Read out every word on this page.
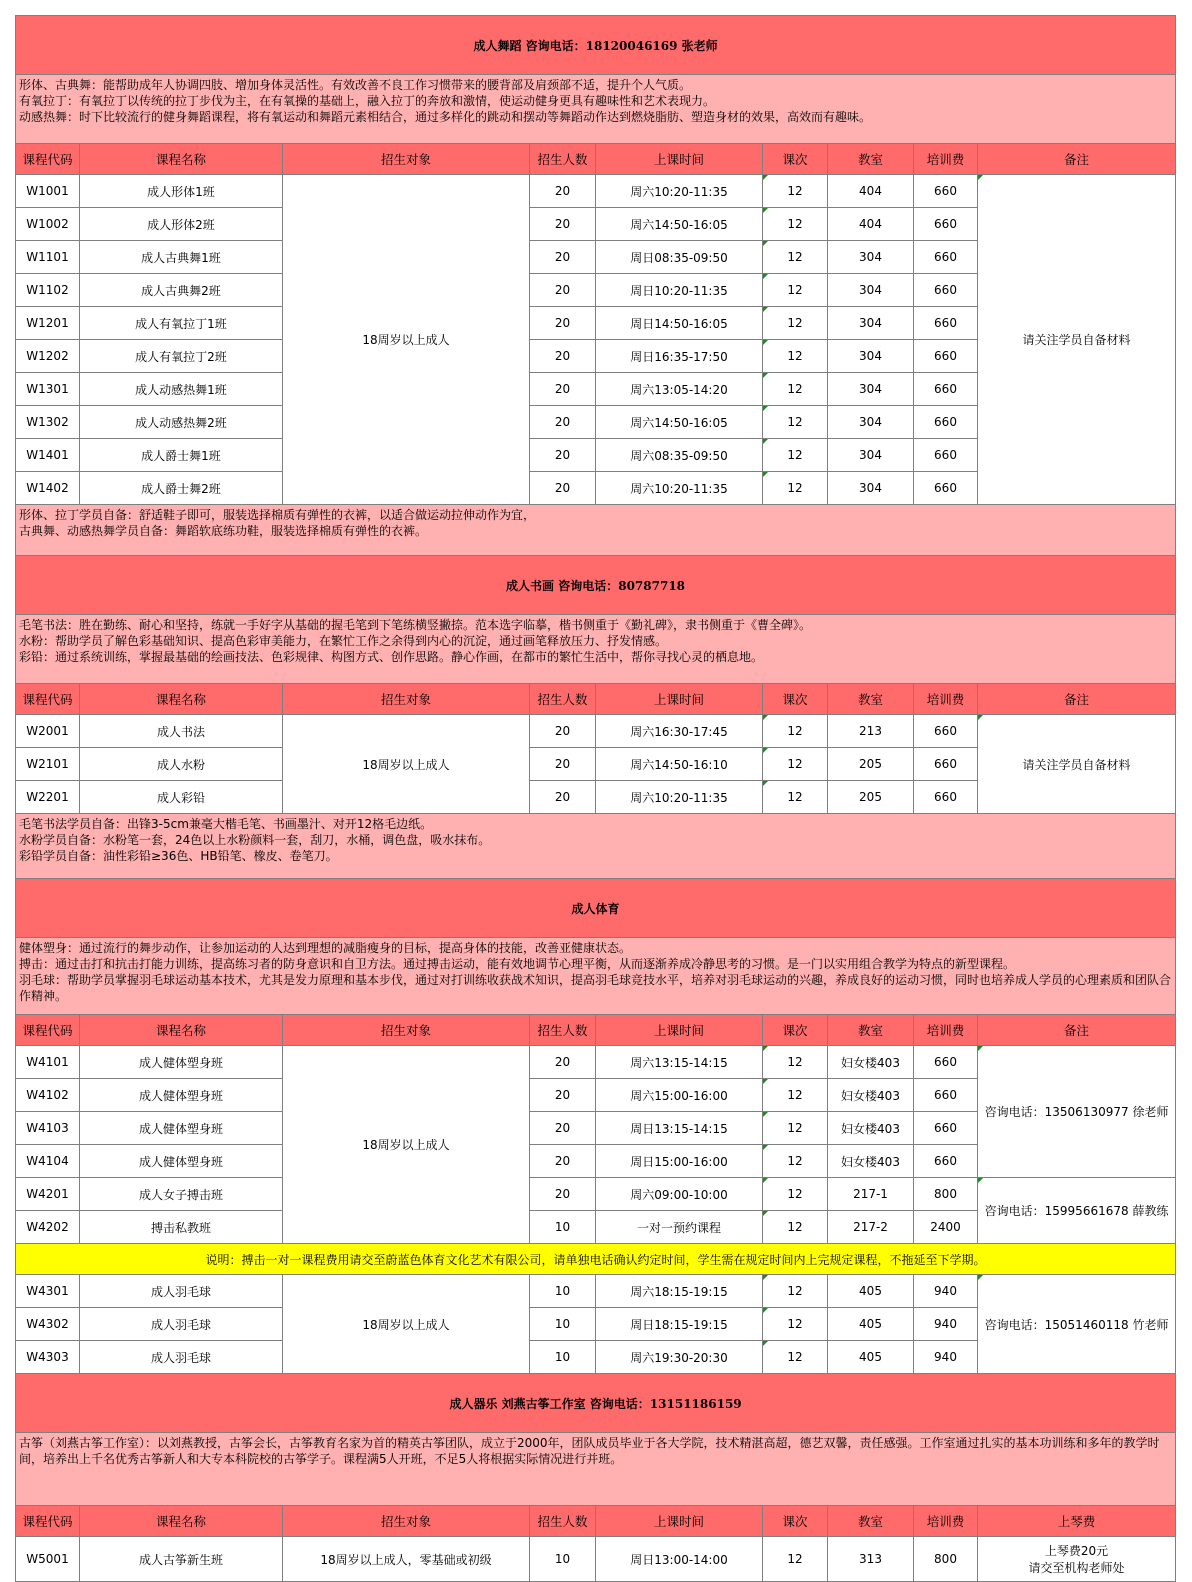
成人舞蹈 咨询电话：18120046169 张老师								

形体、古典舞：能帮助成年人协调四肢、增加身体灵活性。有效改善不良工作习惯带来的腰背部及肩颈部不适，提升个人气质。
有氧拉丁：有氧拉丁以传统的拉丁步伐为主，在有氧操的基础上，融入拉丁的奔放和激情，使运动健身更具有趣味性和艺术表现力。
动感热舞：时下比较流行的健身舞蹈课程，将有氧运动和舞蹈元素相结合，通过多样化的跳动和摆动等舞蹈动作达到燃烧脂肪、塑造身材的效果，高效而有趣味。								

课程代码	课程名称	招生对象	招生人数	上课时间	课次	教室	培训费	备注
W1001	成人形体1班	18周岁以上成人	20	周六10:20-11:35	12	404	660	请关注学员自备材料
W1002	成人形体2班		20	周六14:50-16:05	12	404	660	
W1101	成人古典舞1班		20	周日08:35-09:50	12	304	660	
W1102	成人古典舞2班		20	周日10:20-11:35	12	304	660	
W1201	成人有氧拉丁1班		20	周日14:50-16:05	12	304	660	
W1202	成人有氧拉丁2班		20	周日16:35-17:50	12	304	660	
W1301	成人动感热舞1班		20	周六13:05-14:20	12	304	660	
W1302	成人动感热舞2班		20	周六14:50-16:05	12	304	660	
W1401	成人爵士舞1班		20	周六08:35-09:50	12	304	660	
W1402	成人爵士舞2班		20	周六10:20-11:35	12	304	660	

形体、拉丁学员自备：舒适鞋子即可，服装选择棉质有弹性的衣裤，以适合做运动拉伸动作为宜，
古典舞、动感热舞学员自备：舞蹈软底练功鞋，服装选择棉质有弹性的衣裤。								

成人书画 咨询电话：80787718								

毛笔书法：胜在勤练、耐心和坚持，练就一手好字从基础的握毛笔到下笔练横竖撇捺。范本选字临摹，楷书侧重于《勤礼碑》，隶书侧重于《曹全碑》。
水粉：帮助学员了解色彩基础知识、提高色彩审美能力，在繁忙工作之余得到内心的沉淀，通过画笔释放压力、抒发情感。
彩铅：通过系统训练，掌握最基础的绘画技法、色彩规律、构图方式、创作思路。静心作画，在都市的繁忙生活中，帮你寻找心灵的栖息地。								

课程代码	课程名称	招生对象	招生人数	上课时间	课次	教室	培训费	备注
W2001	成人书法	18周岁以上成人	20	周六16:30-17:45	12	213	660	请关注学员自备材料
W2101	成人水粉		20	周六14:50-16:10	12	205	660	
W2201	成人彩铅		20	周六10:20-11:35	12	205	660	

毛笔书法学员自备：出锋3-5cm兼毫大楷毛笔、书画墨汁、对开12格毛边纸。
水粉学员自备：水粉笔一套，24色以上水粉颜料一套，刮刀，水桶，调色盘，吸水抹布。
彩铅学员自备：油性彩铅≥36色、HB铅笔、橡皮、卷笔刀。								

成人体育								

健体塑身：通过流行的舞步动作，让参加运动的人达到理想的减脂瘦身的目标，提高身体的技能，改善亚健康状态。
搏击：通过击打和抗击打能力训练，提高练习者的防身意识和自卫方法。通过搏击运动，能有效地调节心理平衡，从而逐渐养成冷静思考的习惯。是一门以实用组合教学为特点的新型课程。
羽毛球：帮助学员掌握羽毛球运动基本技术，尤其是发力原理和基本步伐，通过对打训练收获战术知识，提高羽毛球竞技水平，培养对羽毛球运动的兴趣，养成良好的运动习惯，同时也培养成人学员的心理素质和团队合作精神。								

课程代码	课程名称	招生对象	招生人数	上课时间	课次	教室	培训费	备注
W4101	成人健体塑身班	18周岁以上成人	20	周六13:15-14:15	12	妇女楼403	660	咨询电话：13506130977 徐老师
W4102	成人健体塑身班		20	周六15:00-16:00	12	妇女楼403	660	
W4103	成人健体塑身班		20	周日13:15-14:15	12	妇女楼403	660	
W4104	成人健体塑身班		20	周日15:00-16:00	12	妇女楼403	660	
W4201	成人女子搏击班		20	周六09:00-10:00	12	217-1	800	咨询电话：15995661678 薛教练
W4202	搏击私教班		10	一对一预约课程	12	217-2	2400	
说明：搏击一对一课程费用请交至蔚蓝色体育文化艺术有限公司，请单独电话确认约定时间，学生需在规定时间内上完规定课程，不拖延至下学期。								
W4301	成人羽毛球	18周岁以上成人	10	周六18:15-19:15	12	405	940	咨询电话：15051460118 竹老师
W4302	成人羽毛球		10	周日18:15-19:15	12	405	940	
W4303	成人羽毛球		10	周六19:30-20:30	12	405	940	
成人器乐 刘燕古筝工作室 咨询电话：13151186159								

古筝（刘燕古筝工作室）：以刘燕教授，古筝会长，古筝教育名家为首的精英古筝团队，成立于2000年，团队成员毕业于各大学院，技术精湛高超，德艺双馨，责任感强。工作室通过扎实的基本功训练和多年的教学时间，培养出上千名优秀古筝新人和大专本科院校的古筝学子。课程满5人开班，不足5人将根据实际情况进行并班。								

课程代码	课程名称	招生对象	招生人数	上课时间	课次	教室	培训费	上琴费
W5001	成人古筝新生班	18周岁以上成人，零基础或初级	10	周日13:00-14:00	12	313	800	上琴费20元
请交至机构老师处
